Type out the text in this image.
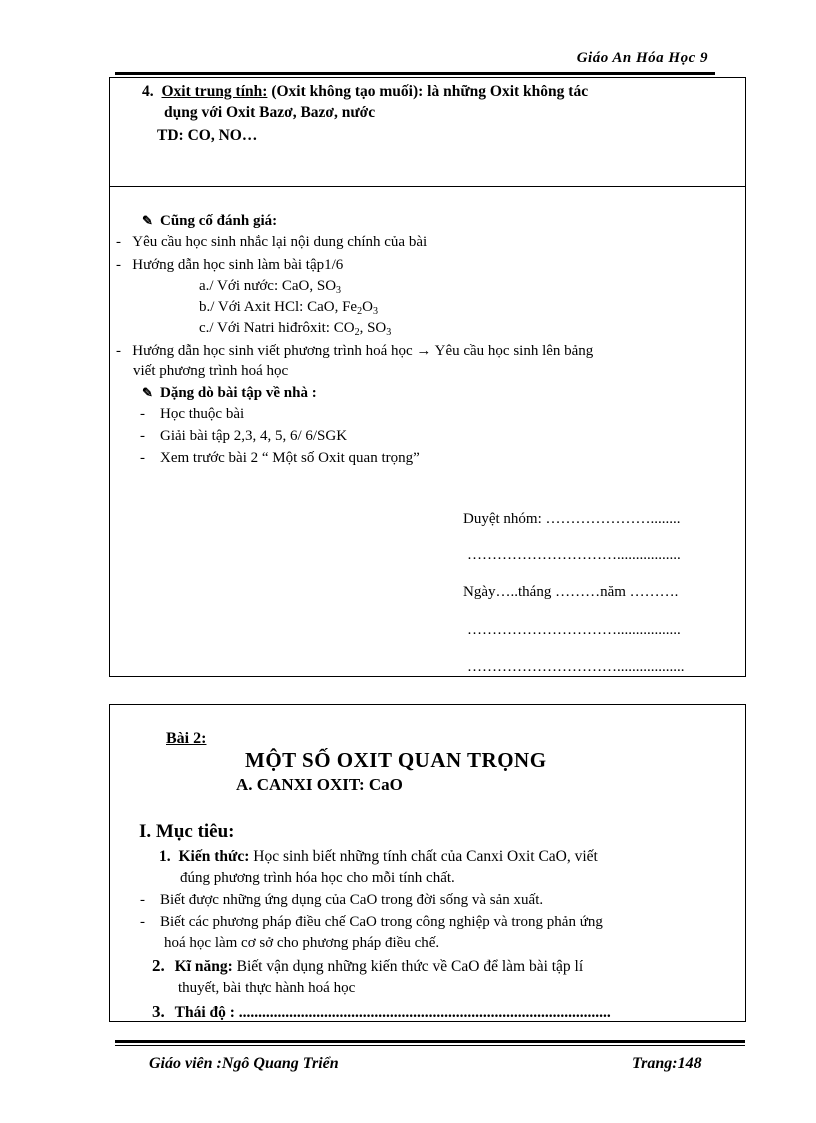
Giáo An Hóa Học 9
4. Oxit trung tính: (Oxit không tạo muối): là những Oxit không tác
dụng với Oxit Bazơ, Bazơ, nước
TD: CO, NO…
✎ Cũng cố đánh giá:
-   Yêu cầu học sinh nhắc lại nội dung chính của bài
-   Hướng dẫn học sinh làm bài tập1/6
a./ Với nước: CaO, $SO_3$
b./ Với Axit HCl: CaO, $Fe_2O_3$
c./ Với Natri hiđrôxit: $CO_2$, $SO_3$
-   Hướng dẫn học sinh viết phương trình hoá học → Yêu cầu học sinh lên bảng
viết phương trình hoá học
✎ Dặng dò bài tập về nhà :
-    Học thuộc bài
-    Giải bài tập 2,3, 4, 5, 6/ 6/SGK
-    Xem trước bài 2 “ Một số Oxit quan trọng”
Duyệt nhóm: …………………........
………………………….................
Ngày…..tháng ………năm ……….
………………………….................
…………………………..................
Bài 2:
MỘT SỐ OXIT QUAN TRỌNG
A. CANXI OXIT: CaO
I. Mục tiêu:
1. Kiến thức: Học sinh biết những tính chất của Canxi Oxit CaO, viết
đúng phương trình hóa học cho mỗi tính chất.
-    Biết được những ứng dụng của CaO trong đời sống và sản xuất.
-    Biết các phương pháp điều chế CaO trong công nghiệp và trong phản ứng
hoá học làm cơ sở cho phương pháp điều chế.
2. Kĩ năng: Biết vận dụng những kiến thức về CaO để làm bài tập lí
thuyết, bài thực hành hoá học
3. Thái độ : ................................................................................................
Giáo viên :Ngô Quang Triển	Trang:148
